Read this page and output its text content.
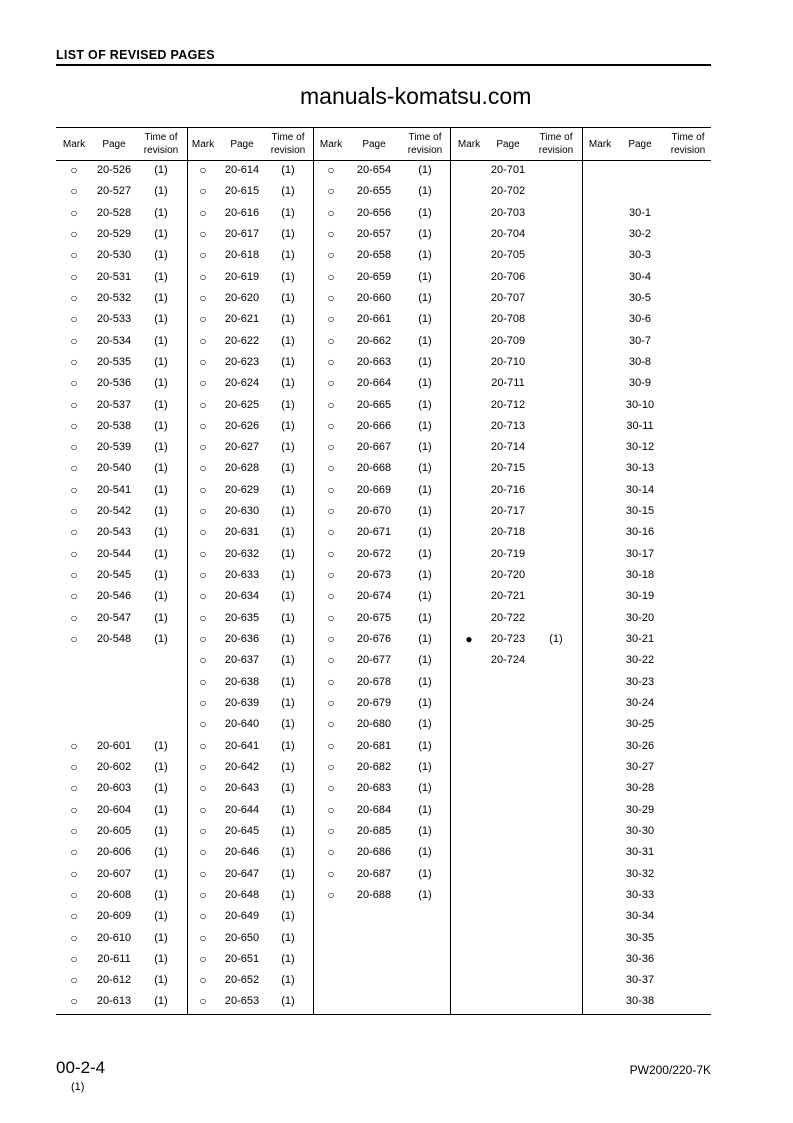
LIST OF REVISED PAGES
manuals-komatsu.com
Mark Page
Time of
revision
○ 20-526 (1)
○ 20-527 (1)
○ 20-528 (1)
○ 20-529 (1)
○ 20-530 (1)
○ 20-531 (1)
○ 20-532 (1)
○ 20-533 (1)
○ 20-534 (1)
○ 20-535 (1)
○ 20-536 (1)
○ 20-537 (1)
○ 20-538 (1)
○ 20-539 (1)
○ 20-540 (1)
○ 20-541 (1)
○ 20-542 (1)
○ 20-543 (1)
○ 20-544 (1)
○ 20-545 (1)
○ 20-546 (1)
○ 20-547 (1)
○ 20-548 (1)
○ 20-601 (1)
○ 20-602 (1)
○ 20-603 (1)
○ 20-604 (1)
○ 20-605 (1)
○ 20-606 (1)
○ 20-607 (1)
○ 20-608 (1)
○ 20-609 (1)
○ 20-610 (1)
○ 20-611 (1)
○ 20-612 (1)
○ 20-613 (1)
Mark Page
Time of
revision
○ 20-614 (1)
○ 20-615 (1)
○ 20-616 (1)
○ 20-617 (1)
○ 20-618 (1)
○ 20-619 (1)
○ 20-620 (1)
○ 20-621 (1)
○ 20-622 (1)
○ 20-623 (1)
○ 20-624 (1)
○ 20-625 (1)
○ 20-626 (1)
○ 20-627 (1)
○ 20-628 (1)
○ 20-629 (1)
○ 20-630 (1)
○ 20-631 (1)
○ 20-632 (1)
○ 20-633 (1)
○ 20-634 (1)
○ 20-635 (1)
○ 20-636 (1)
○ 20-637 (1)
○ 20-638 (1)
○ 20-639 (1)
○ 20-640 (1)
○ 20-641 (1)
○ 20-642 (1)
○ 20-643 (1)
○ 20-644 (1)
○ 20-645 (1)
○ 20-646 (1)
○ 20-647 (1)
○ 20-648 (1)
○ 20-649 (1)
○ 20-650 (1)
○ 20-651 (1)
○ 20-652 (1)
○ 20-653 (1)
Mark Page
Time of
revision
○ 20-654 (1)
○ 20-655 (1)
○ 20-656 (1)
○ 20-657 (1)
○ 20-658 (1)
○ 20-659 (1)
○ 20-660 (1)
○ 20-661 (1)
○ 20-662 (1)
○ 20-663 (1)
○ 20-664 (1)
○ 20-665 (1)
○ 20-666 (1)
○ 20-667 (1)
○ 20-668 (1)
○ 20-669 (1)
○ 20-670 (1)
○ 20-671 (1)
○ 20-672 (1)
○ 20-673 (1)
○ 20-674 (1)
○ 20-675 (1)
○ 20-676 (1)
○ 20-677 (1)
○ 20-678 (1)
○ 20-679 (1)
○ 20-680 (1)
○ 20-681 (1)
○ 20-682 (1)
○ 20-683 (1)
○ 20-684 (1)
○ 20-685 (1)
○ 20-686 (1)
○ 20-687 (1)
○ 20-688 (1)
Mark Page
Time of
revision
20-701
20-702
20-703
20-704
20-705
20-706
20-707
20-708
20-709
20-710
20-711
20-712
20-713
20-714
20-715
20-716
20-717
20-718
20-719
20-720
20-721
20-722
● 20-723 (1)
20-724
Mark Page
Time of
revision
30-1
30-2
30-3
30-4
30-5
30-6
30-7
30-8
30-9
30-10
30-11
30-12
30-13
30-14
30-15
30-16
30-17
30-18
30-19
30-20
30-21
30-22
30-23
30-24
30-25
30-26
30-27
30-28
30-29
30-30
30-31
30-32
30-33
30-34
30-35
30-36
30-37
30-38
00-2-4
(1)
PW200/220-7K
